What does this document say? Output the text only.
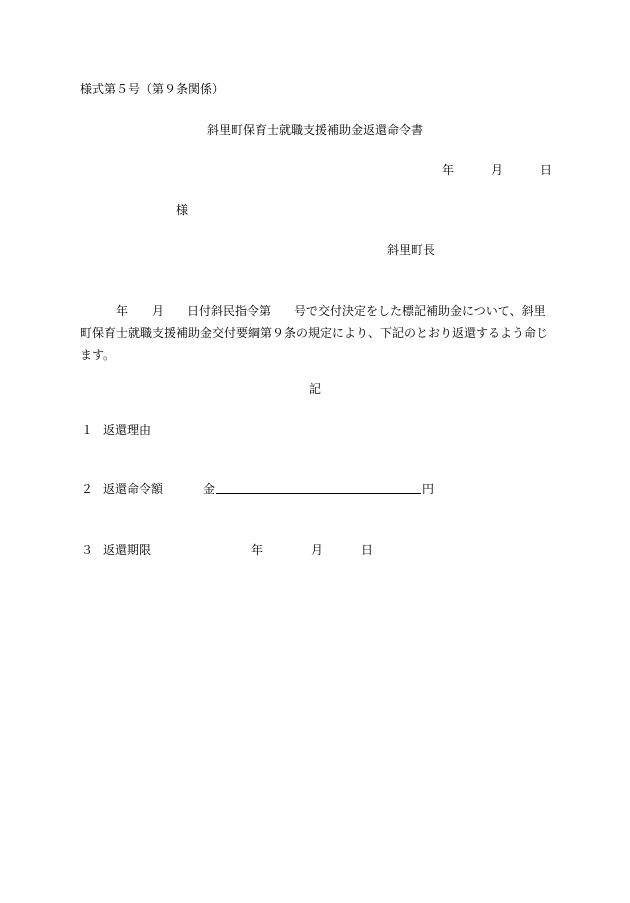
様式第５号（第９条関係）
斜里町保育士就職支援補助金返還命令書
年	月	日
様
斜里町長
年 月 日付斜民指令第 号で交付決定をした標記補助金について、斜里
町保育士就職支援補助金交付要綱第９条の規定により、下記のとおり返還するよう命じ
ます。
記
１ 返還理由
２ 返還命令額	金	円
３ 返還期限	年	月	日
